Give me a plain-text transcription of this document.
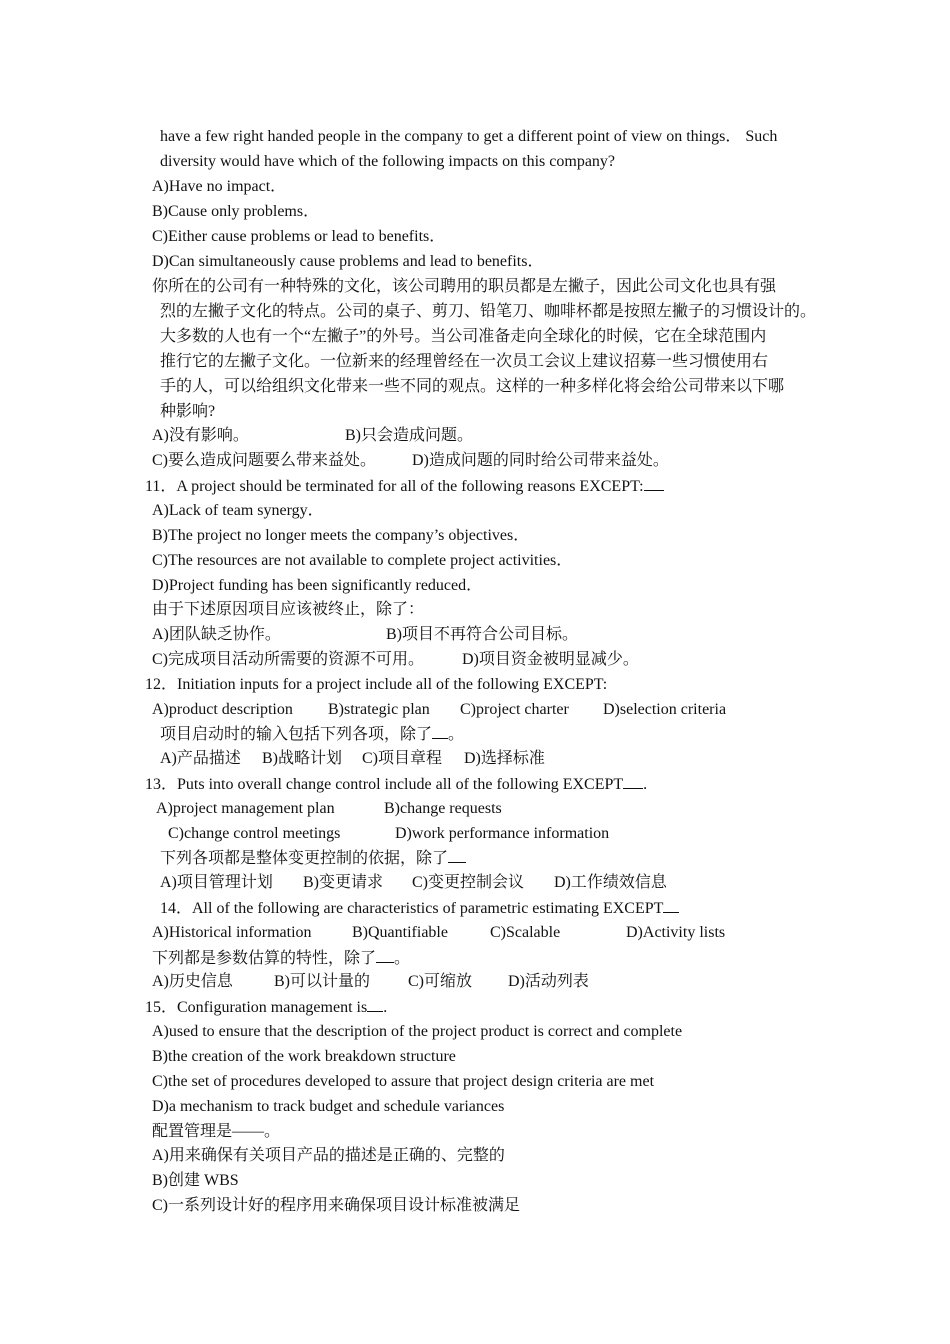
have a few right handed people in the company to get a different point of view on things． Such
diversity would have which of the following impacts on this company?
A)Have no impact．
B)Cause only problems．
C)Either cause problems or lead to benefits．
D)Can simultaneously cause problems and lead to benefits．
你所在的公司有一种特殊的文化，该公司聘用的职员都是左撇子，因此公司文化也具有强
烈的左撇子文化的特点。公司的桌子、剪刀、铅笔刀、咖啡杯都是按照左撇子的习惯设计的。
大多数的人也有一个“左撇子”的外号。当公司准备走向全球化的时候，它在全球范围内
推行它的左撇子文化。一位新来的经理曾经在一次员工会议上建议招募一些习惯使用右
手的人，可以给组织文化带来一些不同的观点。这样的一种多样化将会给公司带来以下哪
种影响?
A)没有影响。	B)只会造成问题。
C)要么造成问题要么带来益处。 D)造成问题的同时给公司带来益处。
11．A project should be terminated for all of the following reasons EXCEPT:
A)Lack of team synergy．
B)The project no longer meets the company’s objectives．
C)The resources are not available to complete project activities．
D)Project funding has been significantly reduced．
由于下述原因项目应该被终止，除了：
A)团队缺乏协作。	B)项目不再符合公司目标。
C)完成项目活动所需要的资源不可用。 D)项目资金被明显减少。
12．Initiation inputs for a project include all of the following EXCEPT:
A)product description B)strategic plan C)project charter D)selection criteria
项目启动时的输入包括下列各项，除了 。
A)产品描述 B)战略计划 C)项目章程 D)选择标准
13．Puts into overall change control include all of the following EXCEPT .
A)project management plan	B)change requests
C)change control meetings	D)work performance information
下列各项都是整体变更控制的依据，除了
A)项目管理计划 B)变更请求 C)变更控制会议 D)工作绩效信息
14．All of the following are characteristics of parametric estimating EXCEPT
A)Historical information	B)Quantifiable	C)Scalable	D)Activity lists
下列都是参数估算的特性，除了 。
A)历史信息	B)可以计量的 C)可缩放 D)活动列表
15．Configuration management is .
A)used to ensure that the description of the project product is correct and complete
B)the creation of the work breakdown structure
C)the set of procedures developed to assure that project design criteria are met
D)a mechanism to track budget and schedule variances
配置管理是——。
A)用来确保有关项目产品的描述是正确的、完整的
B)创建 WBS
C)一系列设计好的程序用来确保项目设计标准被满足
